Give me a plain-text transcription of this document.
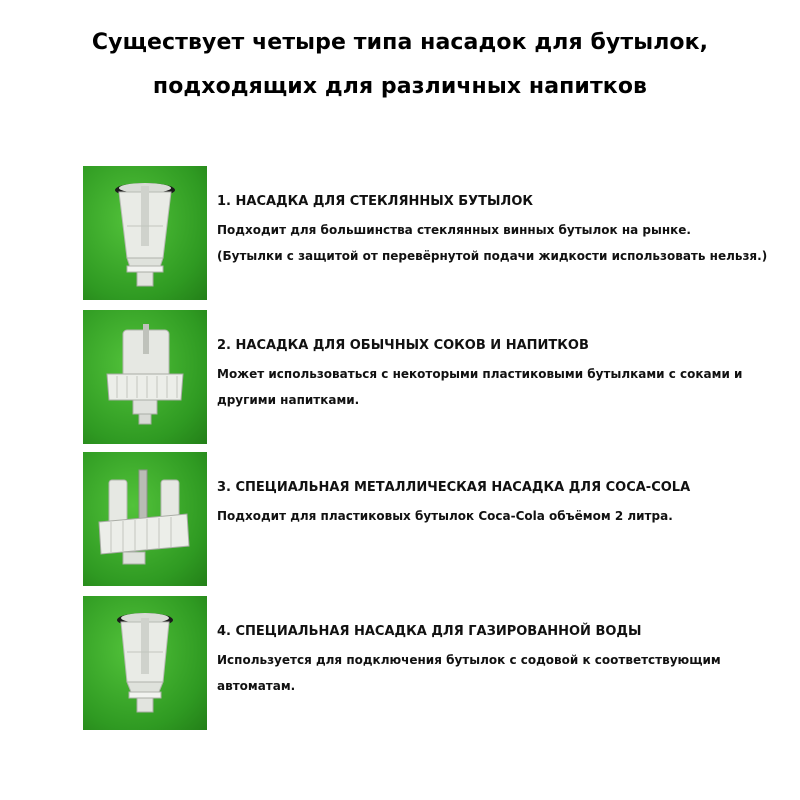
Существует четыре типа насадок для бутылок,
подходящих для различных напитков

1. НАСАДКА ДЛЯ СТЕКЛЯННЫХ БУТЫЛОК

Подходит для большинства стеклянных винных бутылок на рынке.

(Бутылки с защитой от перевёрнутой подачи жидкости использовать нельзя.)

2. НАСАДКА ДЛЯ ОБЫЧНЫХ СОКОВ И НАПИТКОВ

Может использоваться с некоторыми пластиковыми бутылками с соками и

другими напитками.

3. СПЕЦИАЛЬНАЯ МЕТАЛЛИЧЕСКАЯ НАСАДКА ДЛЯ COCA-COLA

Подходит для пластиковых бутылок Coca-Cola объёмом 2 литра.

4. СПЕЦИАЛЬНАЯ НАСАДКА ДЛЯ ГАЗИРОВАННОЙ ВОДЫ

Используется для подключения бутылок с содовой к соответствующим

автоматам.
